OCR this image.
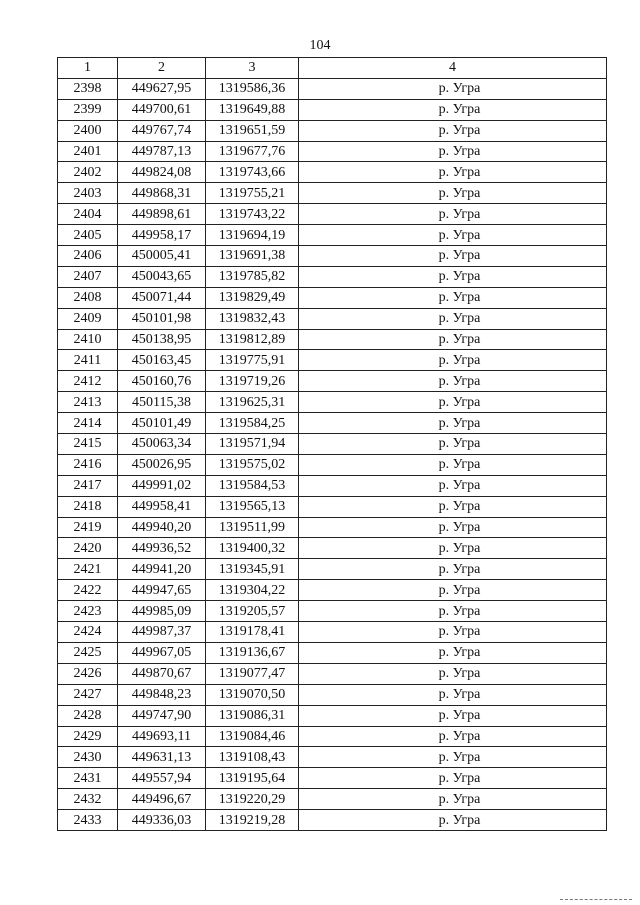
104
1	2	3	4
2398	449627,95	1319586,36	р. Угра
2399	449700,61	1319649,88	р. Угра
2400	449767,74	1319651,59	р. Угра
2401	449787,13	1319677,76	р. Угра
2402	449824,08	1319743,66	р. Угра
2403	449868,31	1319755,21	р. Угра
2404	449898,61	1319743,22	р. Угра
2405	449958,17	1319694,19	р. Угра
2406	450005,41	1319691,38	р. Угра
2407	450043,65	1319785,82	р. Угра
2408	450071,44	1319829,49	р. Угра
2409	450101,98	1319832,43	р. Угра
2410	450138,95	1319812,89	р. Угра
2411	450163,45	1319775,91	р. Угра
2412	450160,76	1319719,26	р. Угра
2413	450115,38	1319625,31	р. Угра
2414	450101,49	1319584,25	р. Угра
2415	450063,34	1319571,94	р. Угра
2416	450026,95	1319575,02	р. Угра
2417	449991,02	1319584,53	р. Угра
2418	449958,41	1319565,13	р. Угра
2419	449940,20	1319511,99	р. Угра
2420	449936,52	1319400,32	р. Угра
2421	449941,20	1319345,91	р. Угра
2422	449947,65	1319304,22	р. Угра
2423	449985,09	1319205,57	р. Угра
2424	449987,37	1319178,41	р. Угра
2425	449967,05	1319136,67	р. Угра
2426	449870,67	1319077,47	р. Угра
2427	449848,23	1319070,50	р. Угра
2428	449747,90	1319086,31	р. Угра
2429	449693,11	1319084,46	р. Угра
2430	449631,13	1319108,43	р. Угра
2431	449557,94	1319195,64	р. Угра
2432	449496,67	1319220,29	р. Угра
2433	449336,03	1319219,28	р. Угра
